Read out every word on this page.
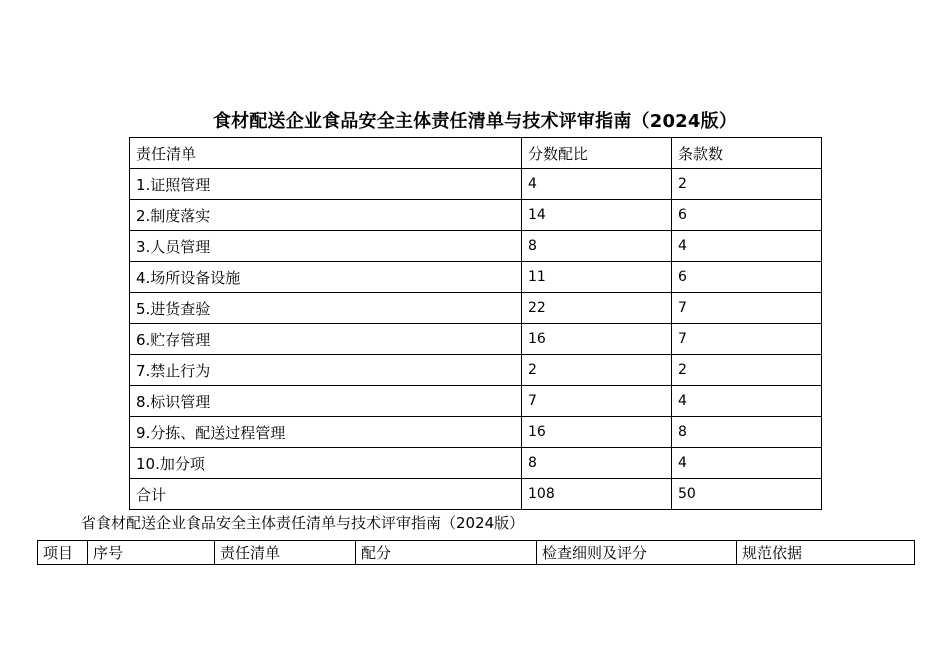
食材配送企业食品安全主体责任清单与技术评审指南（2024版）
责任清单	分数配比	条款数
1.证照管理	4	2
2.制度落实	14	6
3.人员管理	8	4
4.场所设备设施	11	6
5.进货查验	22	7
6.贮存管理	16	7
7.禁止行为	2	2
8.标识管理	7	4
9.分拣、配送过程管理	16	8
10.加分项	8	4
合计	108	50
省食材配送企业食品安全主体责任清单与技术评审指南（2024版）
项目	序号	责任清单	配分	检查细则及评分	规范依据
